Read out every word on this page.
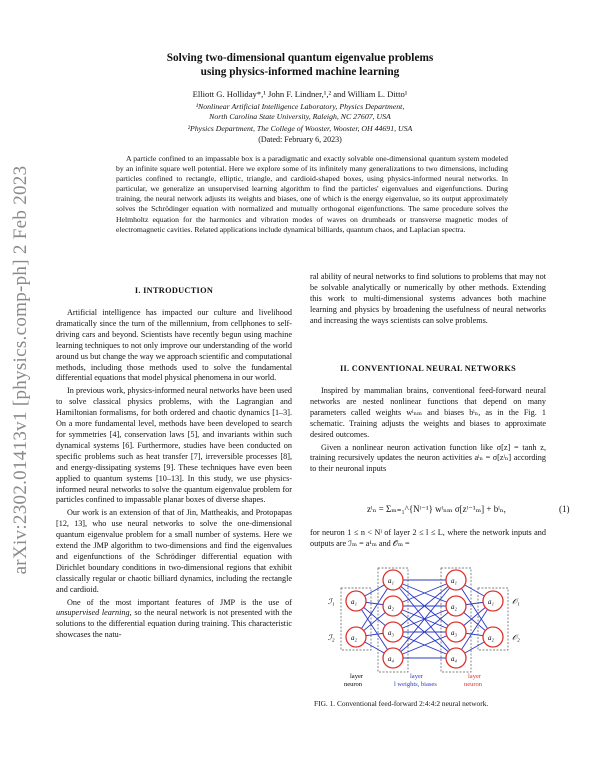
arXiv:2302.01413v1 [physics.comp-ph] 2 Feb 2023
Solving two-dimensional quantum eigenvalue problems
using physics-informed machine learning
Elliott G. Holliday*,¹ John F. Lindner,¹,² and William L. Ditto¹
¹Nonlinear Artificial Intelligence Laboratory, Physics Department,
North Carolina State University, Raleigh, NC 27607, USA
²Physics Department, The College of Wooster, Wooster, OH 44691, USA
(Dated: February 6, 2023)
A particle confined to an impassable box is a paradigmatic and exactly solvable one-dimensional quantum system modeled by an infinite square well potential. Here we explore some of its infinitely many generalizations to two dimensions, including particles confined to rectangle, elliptic, triangle, and cardioid-shaped boxes, using physics-informed neural networks. In particular, we generalize an unsupervised learning algorithm to find the particles' eigenvalues and eigenfunctions. During training, the neural network adjusts its weights and biases, one of which is the energy eigenvalue, so its output approximately solves the Schrödinger equation with normalized and mutually orthogonal eigenfunctions. The same procedure solves the Helmholtz equation for the harmonics and vibration modes of waves on drumheads or transverse magnetic modes of electromagnetic cavities. Related applications include dynamical billiards, quantum chaos, and Laplacian spectra.
I. INTRODUCTION

Artificial intelligence has impacted our culture and livelihood dramatically since the turn of the millennium, from cellphones to self-driving cars and beyond. Scientists have recently begun using machine learning techniques to not only improve our understanding of the world around us but change the way we approach scientific and computational methods, including those methods used to solve the fundamental differential equations that model physical phenomena in our world.

In previous work, physics-informed neural networks have been used to solve classical physics problems, with the Lagrangian and Hamiltonian formalisms, for both ordered and chaotic dynamics [1–3]. On a more fundamental level, methods have been developed to search for symmetries [4], conservation laws [5], and invariants within such dynamical systems [6]. Furthermore, studies have been conducted on specific problems such as heat transfer [7], irreversible processes [8], and energy-dissipating systems [9]. These techniques have even been applied to quantum systems [10–13]. In this study, we use physics-informed neural networks to solve the quantum eigenvalue problem for particles confined to impassable planar boxes of diverse shapes.

Our work is an extension of that of Jin, Mattheakis, and Protopapas [12, 13], who use neural networks to solve the one-dimensional quantum eigenvalue problem for a small number of systems. Here we extend the JMP algorithm to two-dimensions and find the eigenvalues and eigenfunctions of the Schrödinger differential equation with Dirichlet boundary conditions in two-dimensional regions that exhibit classically regular or chaotic billiard dynamics, including the rectangle and cardioid.

One of the most important features of JMP is the use of unsupervised learning, so the neural network is not presented with the solutions to the differential equation during training. This characteristic showcases the natu-

ral ability of neural networks to find solutions to problems that may not be solvable analytically or numerically by other methods. Extending this work to multi-dimensional systems advances both machine learning and physics by broadening the usefulness of neural networks and increasing the ways scientists can solve problems.

II. CONVENTIONAL NEURAL NETWORKS

Inspired by mammalian brains, conventional feed-forward neural networks are nested nonlinear functions that depend on many parameters called weights wˡₙₘ and biases bˡₙ, as in the Fig. 1 schematic. Training adjusts the weights and biases to approximate desired outcomes.

Given a nonlinear neuron activation function like σ[z] = tanh z, training recursively updates the neuron activities aˡₙ = σ[zˡₙ] according to their neuronal inputs

zˡₙ = Σₘ₌₁^{Nˡ⁻¹} wˡₙₘ σ[zˡ⁻¹ₘ] + bˡₙ,	(1)

for neuron 1 ≤ n < Nˡ of layer 2 ≤ l ≤ L, where the network inputs and outputs are ℐₘ = a¹ₘ and 𝒪ₘ =

a₁
a₂
a₁
a₂
a₃
a₄
a₁
a₂
a₃
a₄
a₁
a₂
ℐ₁
ℐ₂
𝒪₁
𝒪₂
layer
neuron
layer
l weights, biases
layer
neuron
FIG. 1. Conventional feed-forward 2:4:4:2 neural network.
